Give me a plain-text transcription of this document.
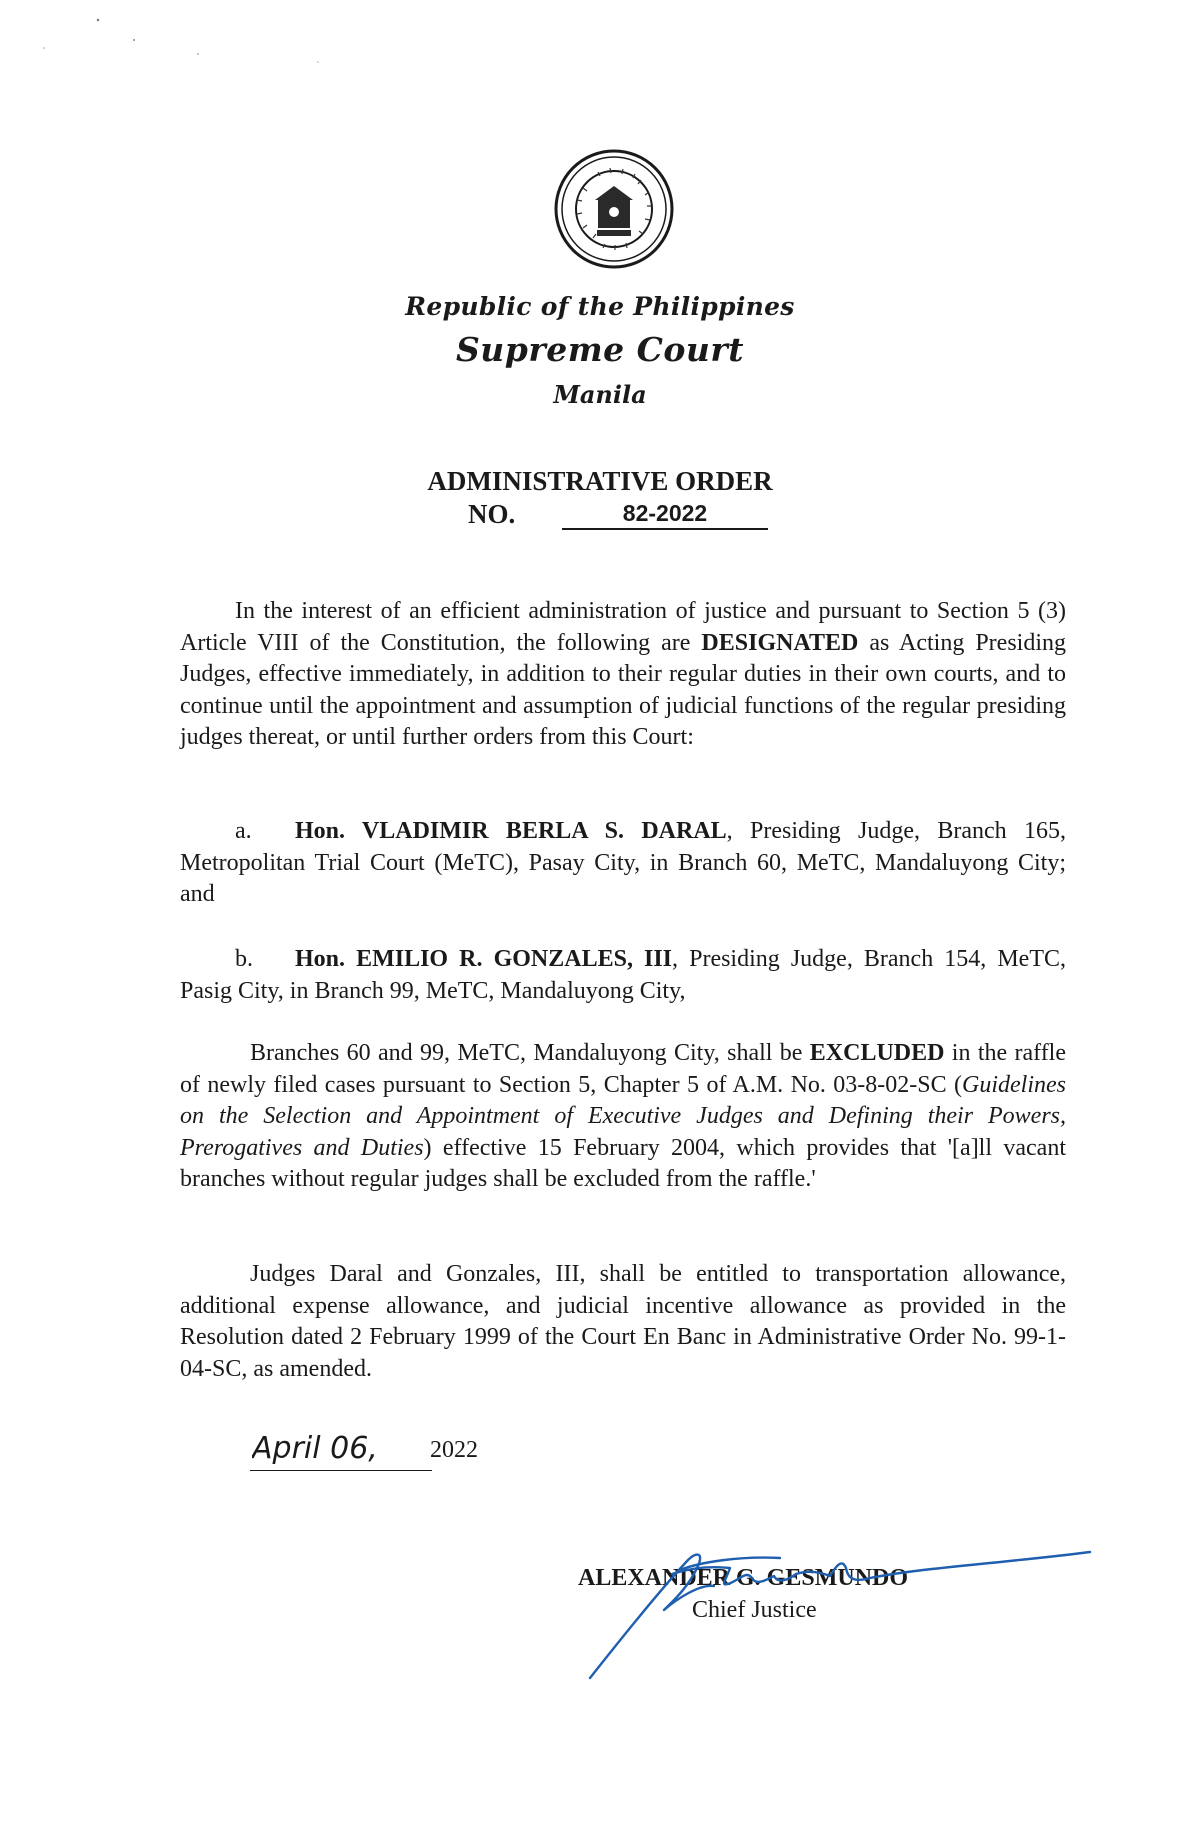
Republic of the Philippines
Supreme Court
Manila
ADMINISTRATIVE ORDER
NO.	82-2022
In the interest of an efficient administration of justice and pursuant to Section 5 (3) Article VIII of the Constitution, the following are DESIGNATED as Acting Presiding Judges, effective immediately, in addition to their regular duties in their own courts, and to continue until the appointment and assumption of judicial functions of the regular presiding judges thereat, or until further orders from this Court:
a. Hon. VLADIMIR BERLA S. DARAL, Presiding Judge, Branch 165, Metropolitan Trial Court (MeTC), Pasay City, in Branch 60, MeTC, Mandaluyong City; and
b. Hon. EMILIO R. GONZALES, III, Presiding Judge, Branch 154, MeTC, Pasig City, in Branch 99, MeTC, Mandaluyong City,
Branches 60 and 99, MeTC, Mandaluyong City, shall be EXCLUDED in the raffle of newly filed cases pursuant to Section 5, Chapter 5 of A.M. No. 03-8-02-SC (Guidelines on the Selection and Appointment of Executive Judges and Defining their Powers, Prerogatives and Duties) effective 15 February 2004, which provides that '[a]ll vacant branches without regular judges shall be excluded from the raffle.'
Judges Daral and Gonzales, III, shall be entitled to transportation allowance, additional expense allowance, and judicial incentive allowance as provided in the Resolution dated 2 February 1999 of the Court En Banc in Administrative Order No. 99-1-04-SC, as amended.
April 06, 2022
ALEXANDER G. GESMUNDO
Chief Justice
